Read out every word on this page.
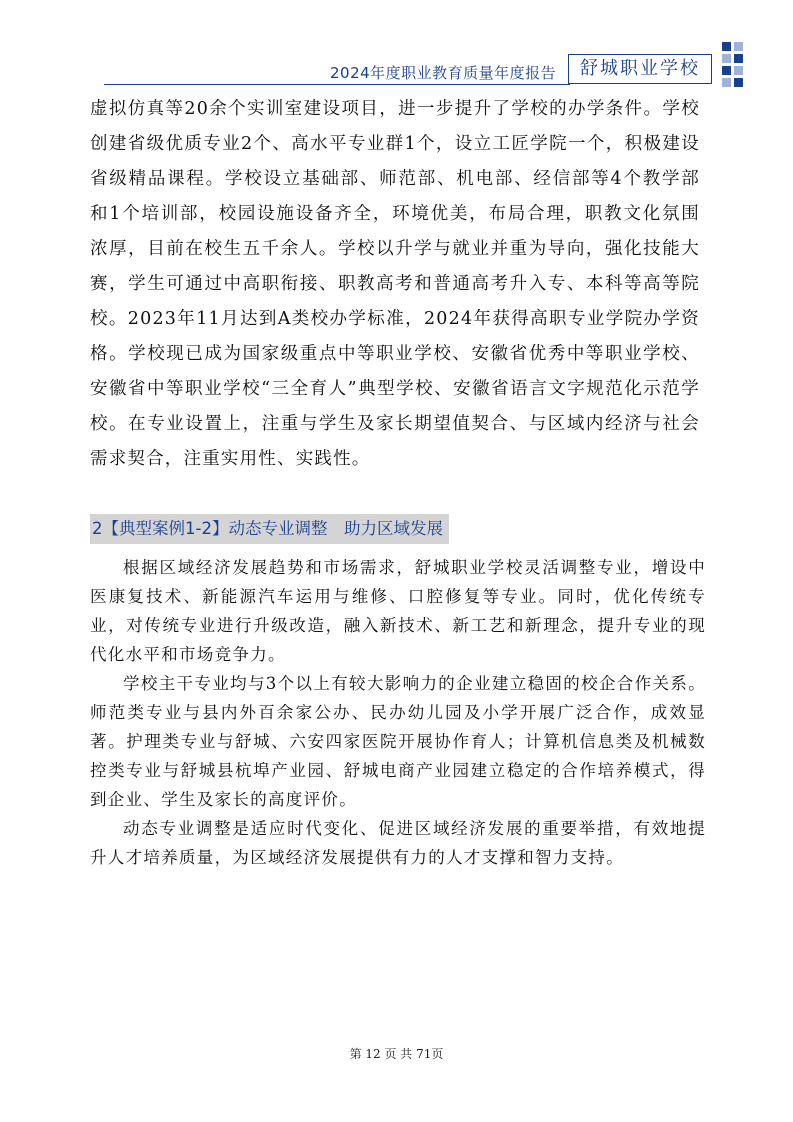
2024年度职业教育质量年度报告	舒城职业学校

虚拟仿真等20余个实训室建设项目，进一步提升了学校的办学条件。学校创建省级优质专业2个、高水平专业群1个，设立工匠学院一个，积极建设省级精品课程。学校设立基础部、师范部、机电部、经信部等4个教学部和1个培训部，校园设施设备齐全，环境优美，布局合理，职教文化氛围浓厚，目前在校生五千余人。学校以升学与就业并重为导向，强化技能大赛，学生可通过中高职衔接、职教高考和普通高考升入专、本科等高等院校。2023年11月达到A类校办学标准，2024年获得高职专业学院办学资格。学校现已成为国家级重点中等职业学校、安徽省优秀中等职业学校、安徽省中等职业学校“三全育人”典型学校、安徽省语言文字规范化示范学校。在专业设置上，注重与学生及家长期望值契合、与区域内经济与社会需求契合，注重实用性、实践性。

2【典型案例1-2】动态专业调整　助力区域发展

根据区域经济发展趋势和市场需求，舒城职业学校灵活调整专业，增设中医康复技术、新能源汽车运用与维修、口腔修复等专业。同时，优化传统专业，对传统专业进行升级改造，融入新技术、新工艺和新理念，提升专业的现代化水平和市场竞争力。

学校主干专业均与3个以上有较大影响力的企业建立稳固的校企合作关系。师范类专业与县内外百余家公办、民办幼儿园及小学开展广泛合作，成效显著。护理类专业与舒城、六安四家医院开展协作育人；计算机信息类及机械数控类专业与舒城县杭埠产业园、舒城电商产业园建立稳定的合作培养模式，得到企业、学生及家长的高度评价。

动态专业调整是适应时代变化、促进区域经济发展的重要举措，有效地提升人才培养质量，为区域经济发展提供有力的人才支撑和智力支持。

第 12 页 共 71页
